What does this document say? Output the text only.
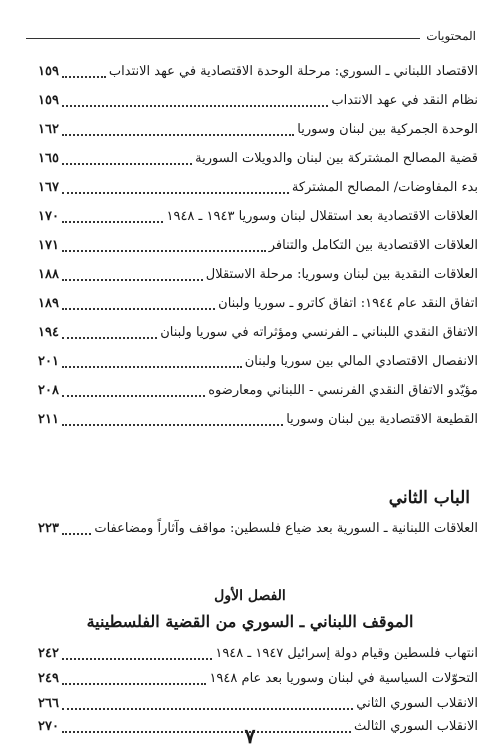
المحتويات
الاقتصاد اللبناني ـ السوري: مرحلة الوحدة الاقتصادية في عهد الانتداب
١٥٩
نظام النقد في عهد الانتداب
١٥٩
الوحدة الجمركية بين لبنان وسوريا
١٦٢
قضية المصالح المشتركة بين لبنان والدويلات السورية
١٦٥
بدء المفاوضات/ المصالح المشتركة
١٦٧
العلاقات الاقتصادية بعد استقلال لبنان وسوريا ١٩٤٣ ـ ١٩٤٨
١٧٠
العلاقات الاقتصادية بين التكامل والتنافر
١٧١
العلاقات النقدية بين لبنان وسوريا: مرحلة الاستقلال
١٨٨
اتفاق النقد عام ١٩٤٤: اتفاق كاترو ـ سوريا ولبنان
١٨٩
الاتفاق النقدي اللبناني ـ الفرنسي ومؤثراته في سوريا ولبنان
١٩٤
الانفصال الاقتصادي المالي بين سوريا ولبنان
٢٠١
مؤيّدو الاتفاق النقدي الفرنسي - اللبناني ومعارضوه
٢٠٨
القطيعة الاقتصادية بين لبنان وسوريا
٢١١
الباب الثاني
العلاقات اللبنانية ـ السورية بعد ضياع فلسطين: مواقف وآثاراً ومضاعفات
٢٢٣
الفصل الأول
الموقف اللبناني ـ السوري من القضية الفلسطينية
انتهاب فلسطين وقيام دولة إسرائيل ١٩٤٧ ـ ١٩٤٨
٢٤٢
التحوّلات السياسية في لبنان وسوريا بعد عام ١٩٤٨
٢٤٩
الانقلاب السوري الثاني
٢٦٦
الانقلاب السوري الثالث
٢٧٠	٧
